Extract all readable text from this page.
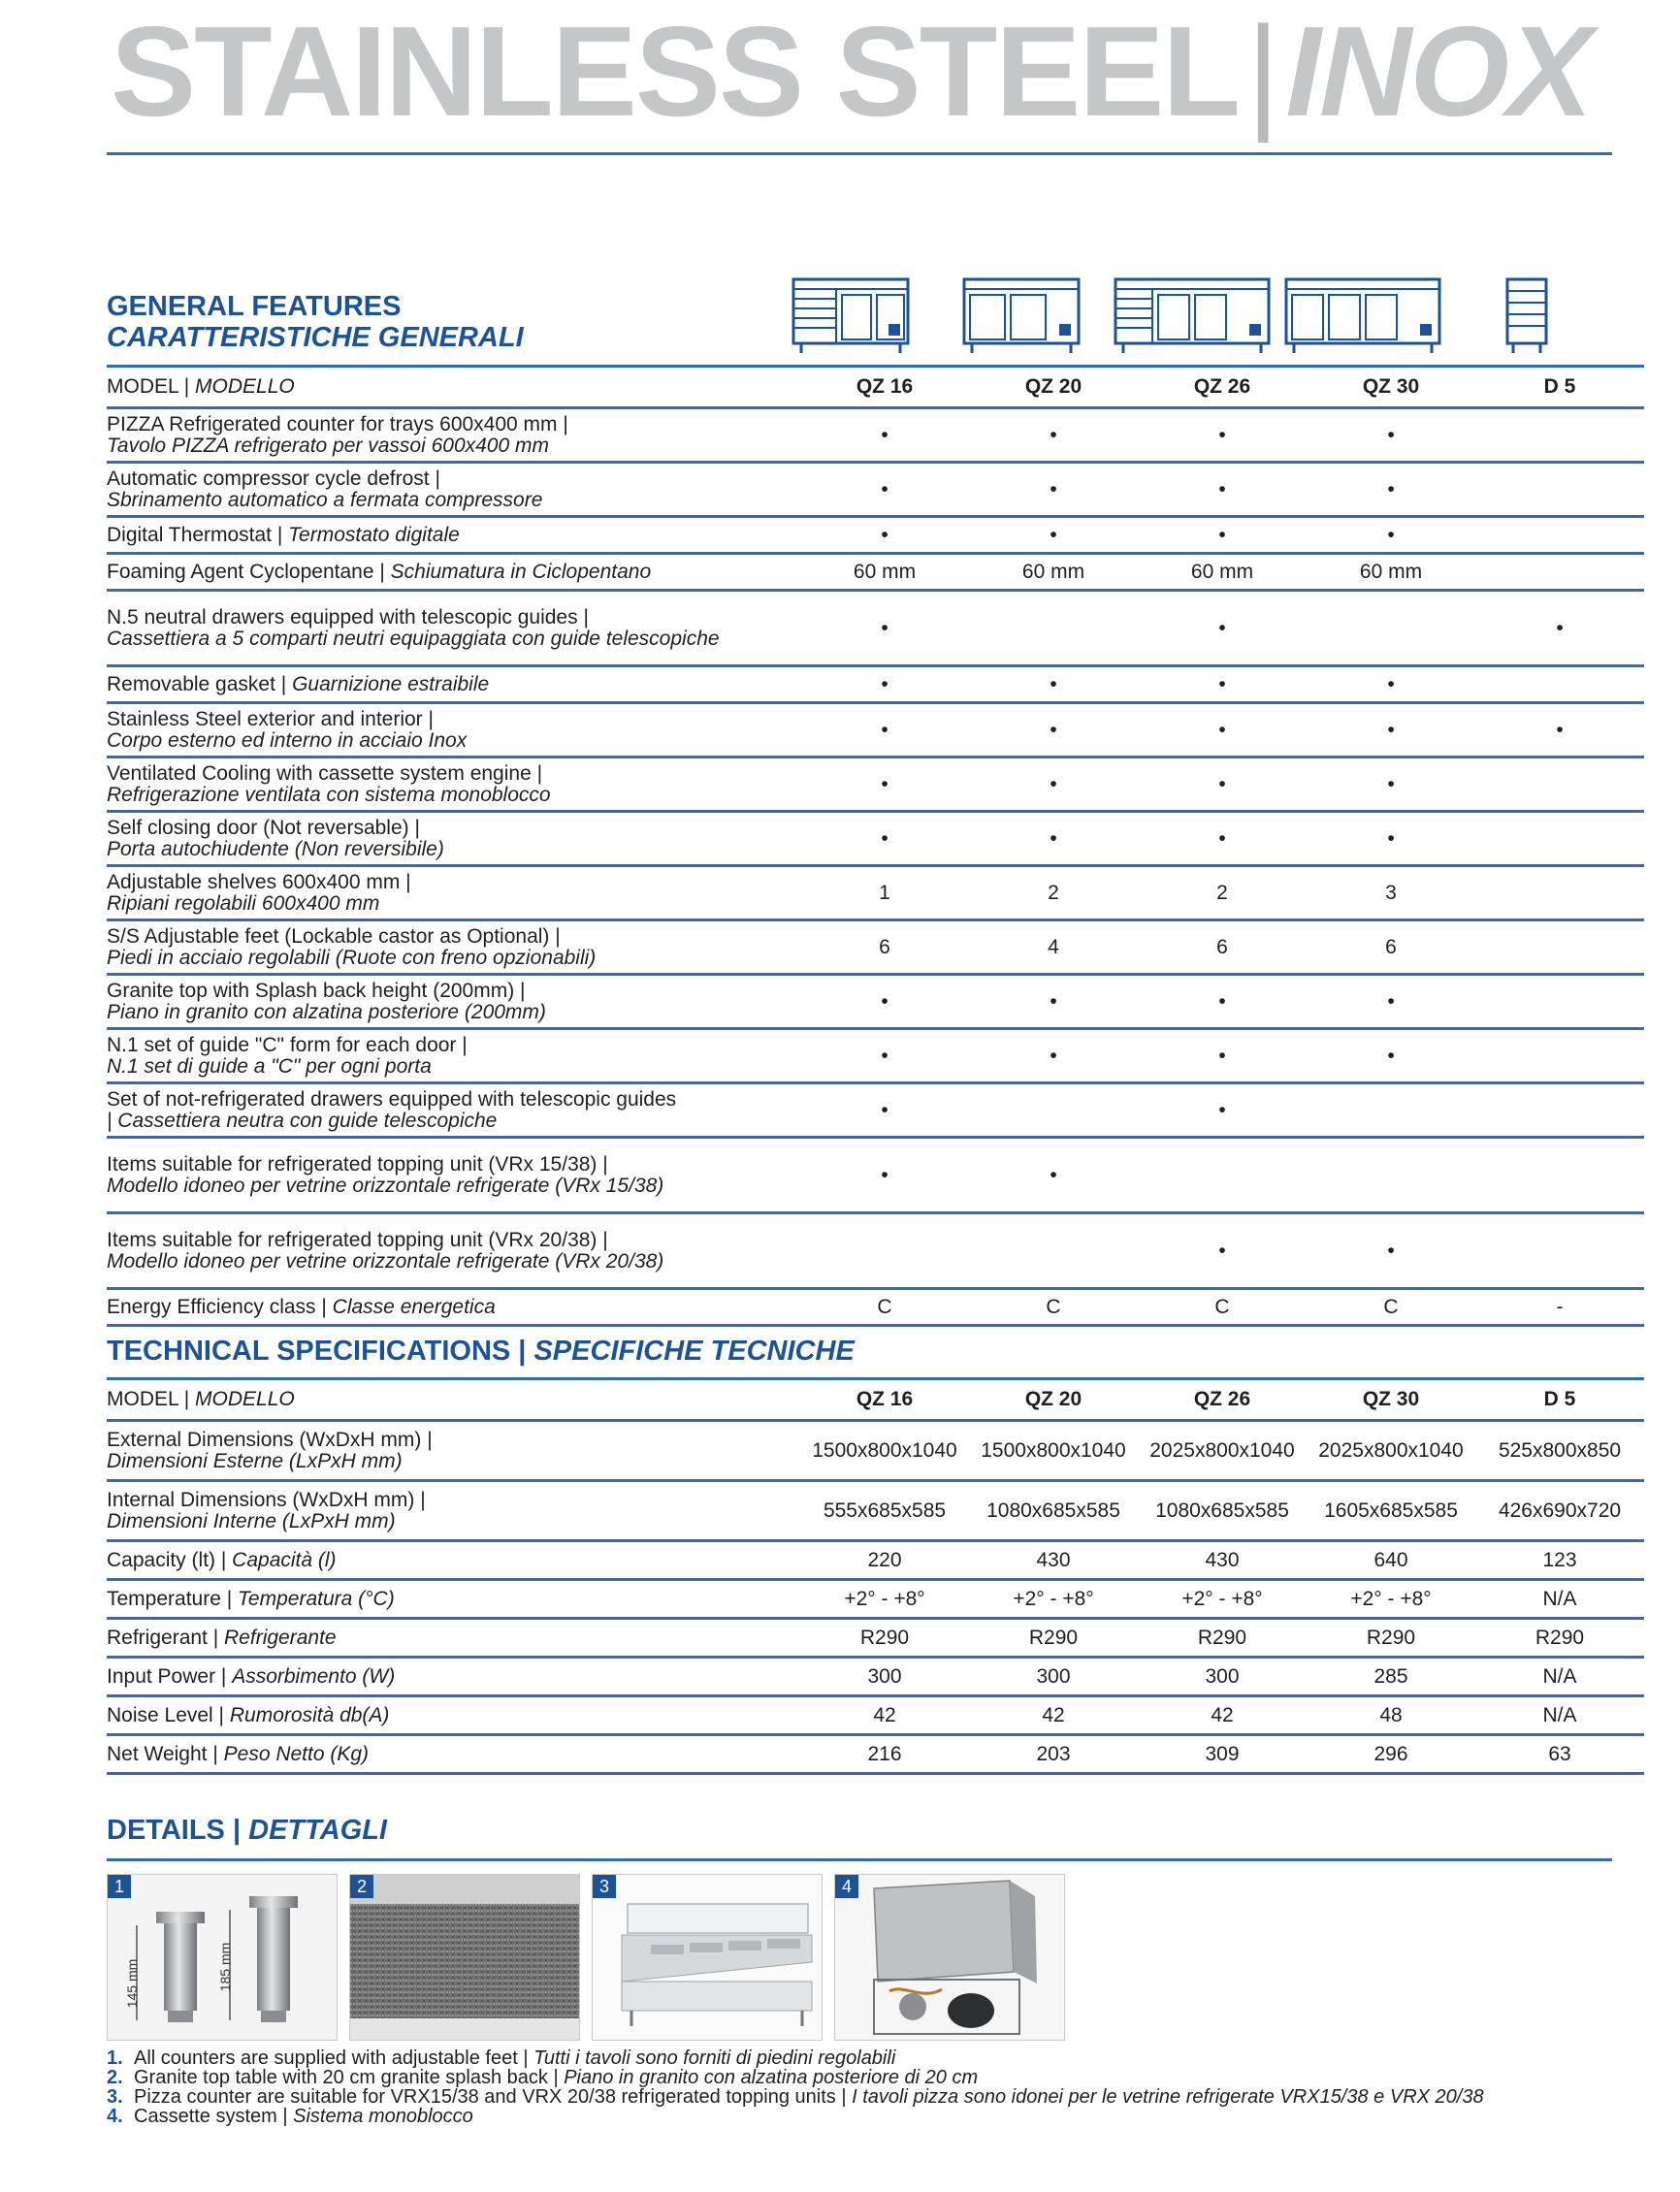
STAINLESS STEEL|INOX
GENERAL FEATURES
CARATTERISTICHE GENERALI
MODEL | MODELLO	QZ 16	QZ 20	QZ 26	QZ 30	D 5
PIZZA Refrigerated counter for trays 600x400 mm |
Tavolo PIZZA refrigerato per vassoi 600x400 mm	•	•	•	•	
Automatic compressor cycle defrost |
Sbrinamento automatico a fermata compressore	•	•	•	•	
Digital Thermostat | Termostato digitale	•	•	•	•	
Foaming Agent Cyclopentane | Schiumatura in Ciclopentano	60 mm	60 mm	60 mm	60 mm	
N.5 neutral drawers equipped with telescopic guides |
Cassettiera a 5 comparti neutri equipaggiata con guide telescopiche	•		•		•
Removable gasket | Guarnizione estraibile	•	•	•	•	
Stainless Steel exterior and interior |
Corpo esterno ed interno in acciaio Inox	•	•	•	•	•
Ventilated Cooling with cassette system engine |
Refrigerazione ventilata con sistema monoblocco	•	•	•	•	
Self closing door (Not reversable) |
Porta autochiudente (Non reversibile)	•	•	•	•	
Adjustable shelves 600x400 mm |
Ripiani regolabili 600x400 mm	1	2	2	3	
S/S Adjustable feet (Lockable castor as Optional) |
Piedi in acciaio regolabili (Ruote con freno opzionabili)	6	4	6	6	
Granite top with Splash back height (200mm) |
Piano in granito con alzatina posteriore (200mm)	•	•	•	•	
N.1 set of guide "C" form for each door |
N.1 set di guide a "C" per ogni porta	•	•	•	•	
Set of not-refrigerated drawers equipped with telescopic guides
| Cassettiera neutra con guide telescopiche	•		•		
Items suitable for refrigerated topping unit (VRx 15/38) |
Modello idoneo per vetrine orizzontale refrigerate (VRx 15/38)	•	•			
Items suitable for refrigerated topping unit (VRx 20/38) |
Modello idoneo per vetrine orizzontale refrigerate (VRx 20/38)			•	•	
Energy Efficiency class | Classe energetica	C	C	C	C	-
TECHNICAL SPECIFICATIONS | SPECIFICHE TECNICHE
MODEL | MODELLO	QZ 16	QZ 20	QZ 26	QZ 30	D 5
External Dimensions (WxDxH mm) |
Dimensioni Esterne (LxPxH mm)	1500x800x1040	1500x800x1040	2025x800x1040	2025x800x1040	525x800x850
Internal Dimensions (WxDxH mm) |
Dimensioni Interne (LxPxH mm)	555x685x585	1080x685x585	1080x685x585	1605x685x585	426x690x720
Capacity (lt) | Capacità (l)	220	430	430	640	123
Temperature | Temperatura (°C)	+2° - +8°	+2° - +8°	+2° - +8°	+2° - +8°	N/A
Refrigerant | Refrigerante	R290	R290	R290	R290	R290
Input Power | Assorbimento (W)	300	300	300	285	N/A
Noise Level | Rumorosità db(A)	42	42	42	48	N/A
Net Weight | Peso Netto (Kg)	216	203	309	296	63
DETAILS | DETTAGLI
1
145 mm	185 mm
2	3	4
1. All counters are supplied with adjustable feet | Tutti i tavoli sono forniti di piedini regolabili
2. Granite top table with 20 cm granite splash back | Piano in granito con alzatina posteriore di 20 cm
3. Pizza counter are suitable for VRX15/38 and VRX 20/38 refrigerated topping units | I tavoli pizza sono idonei per le vetrine refrigerate VRX15/38 e VRX 20/38
4. Cassette system | Sistema monoblocco
